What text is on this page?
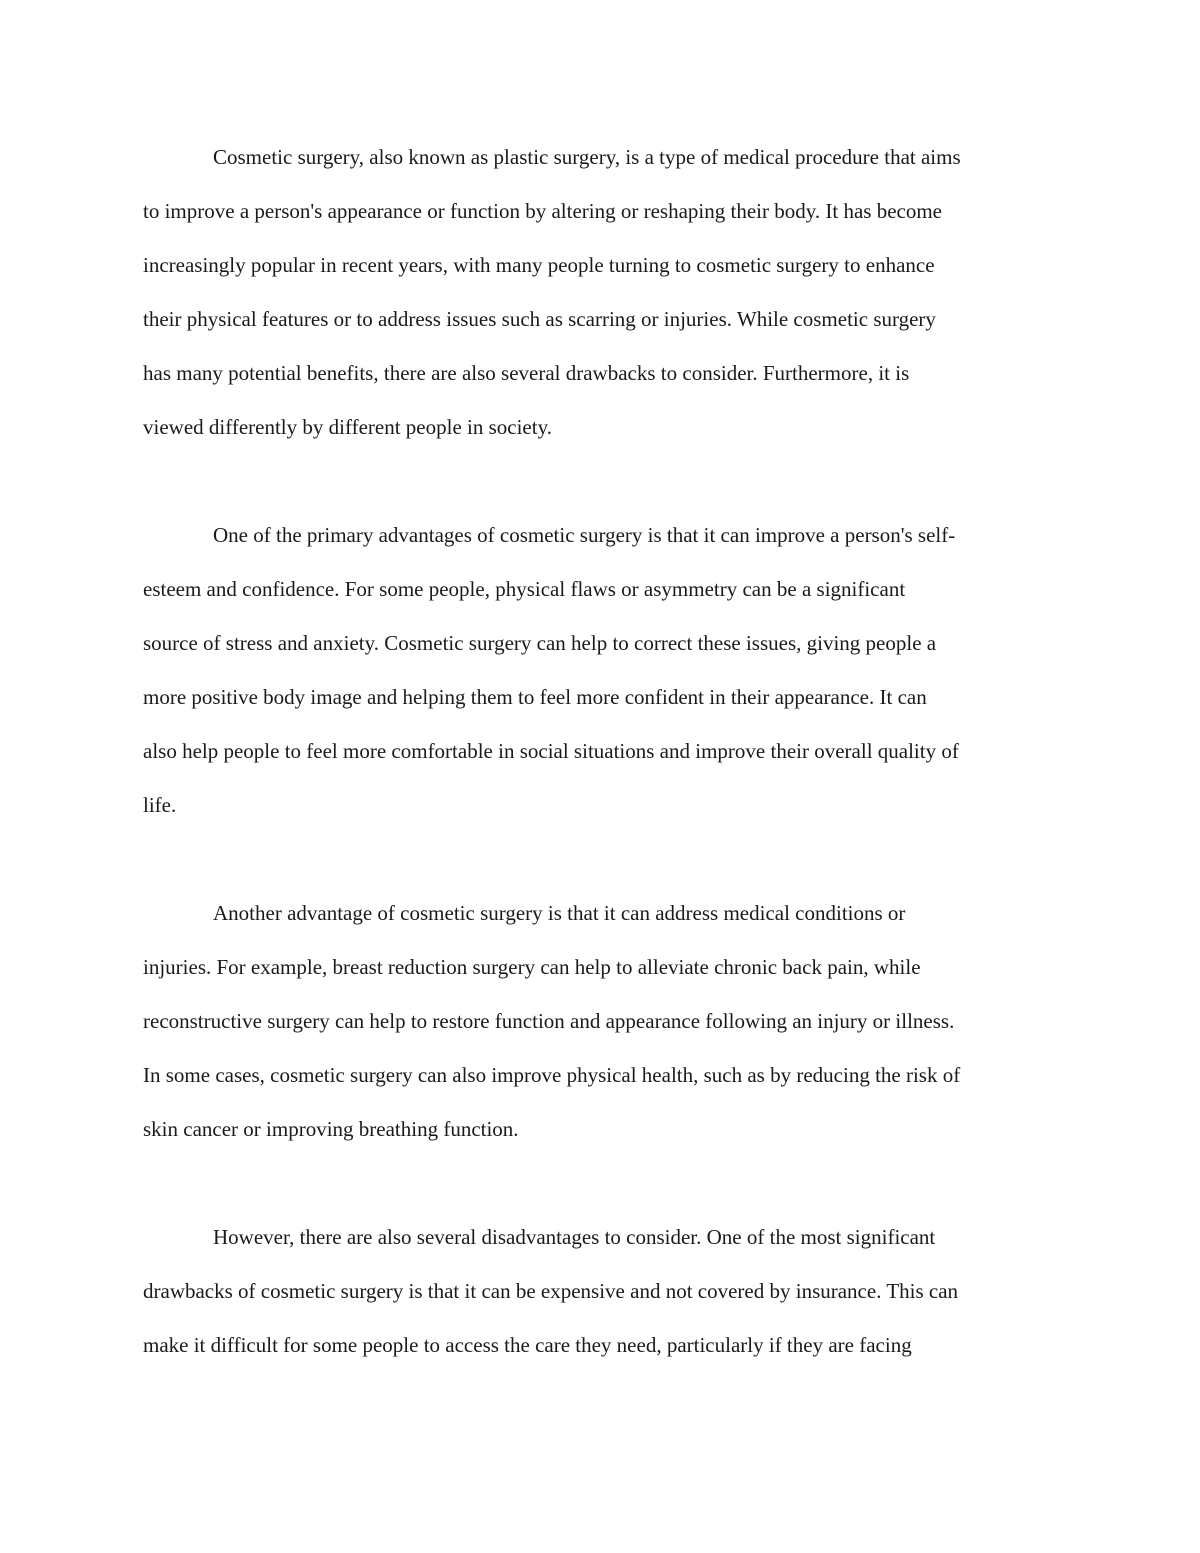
Cosmetic surgery, also known as plastic surgery, is a type of medical procedure that aims
to improve a person's appearance or function by altering or reshaping their body. It has become
increasingly popular in recent years, with many people turning to cosmetic surgery to enhance
their physical features or to address issues such as scarring or injuries. While cosmetic surgery
has many potential benefits, there are also several drawbacks to consider. Furthermore, it is
viewed differently by different people in society.
One of the primary advantages of cosmetic surgery is that it can improve a person's self-
esteem and confidence. For some people, physical flaws or asymmetry can be a significant
source of stress and anxiety. Cosmetic surgery can help to correct these issues, giving people a
more positive body image and helping them to feel more confident in their appearance. It can
also help people to feel more comfortable in social situations and improve their overall quality of
life.
Another advantage of cosmetic surgery is that it can address medical conditions or
injuries. For example, breast reduction surgery can help to alleviate chronic back pain, while
reconstructive surgery can help to restore function and appearance following an injury or illness.
In some cases, cosmetic surgery can also improve physical health, such as by reducing the risk of
skin cancer or improving breathing function.
However, there are also several disadvantages to consider. One of the most significant
drawbacks of cosmetic surgery is that it can be expensive and not covered by insurance. This can
make it difficult for some people to access the care they need, particularly if they are facing
